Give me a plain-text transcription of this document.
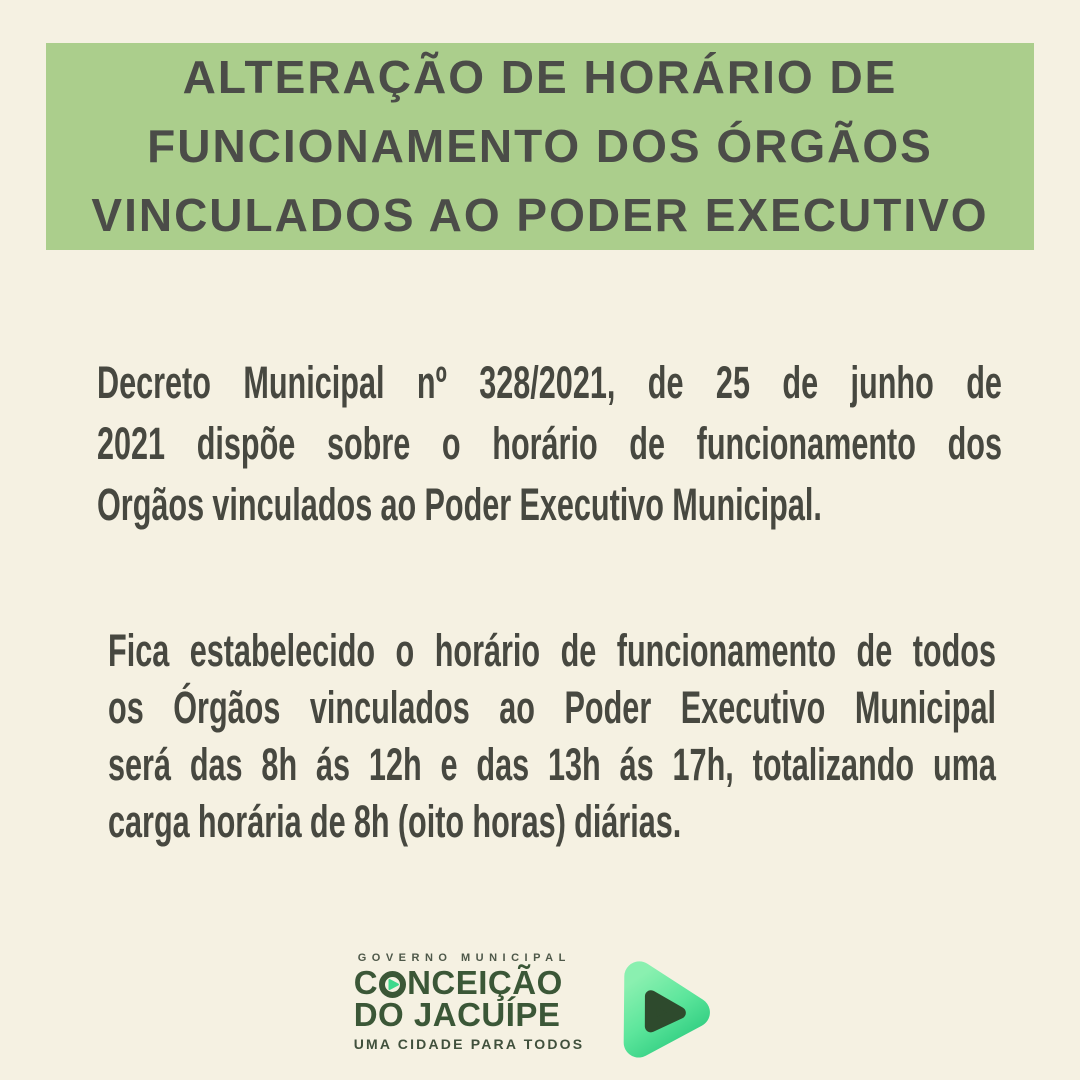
ALTERAÇÃO DE HORÁRIO DE
FUNCIONAMENTO DOS ÓRGÃOS
VINCULADOS AO PODER EXECUTIVO
Decreto Municipal nº 328/2021, de 25 de junho de
2021 dispõe sobre o horário de funcionamento dos
Orgãos vinculados ao Poder Executivo Municipal.
Fica estabelecido o horário de funcionamento de todos
os Órgãos vinculados ao Poder Executivo Municipal
será das 8h ás 12h e das 13h ás 17h, totalizando uma
carga horária de 8h (oito horas) diárias.
GOVERNO MUNICIPAL
C NCEIÇÃO
DO JACUÍPE
UMA CIDADE PARA TODOS
